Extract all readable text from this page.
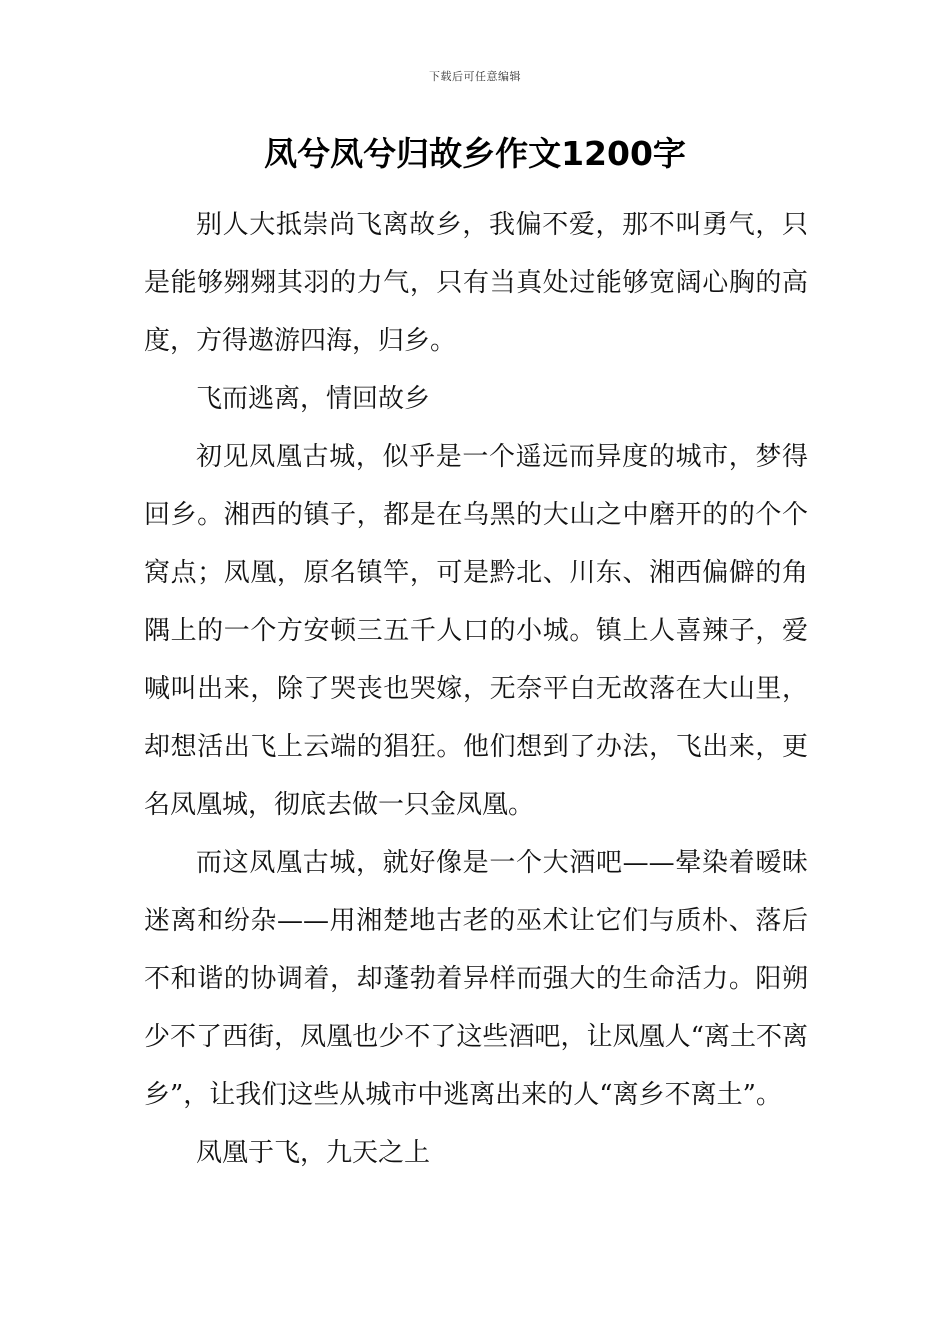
下载后可任意编辑
凤兮凤兮归故乡作文1200字

别人大抵崇尚飞离故乡，我偏不爱，那不叫勇气，只是能够翙翙其羽的力气，只有当真处过能够宽阔心胸的高度，方得遨游四海，归乡。

飞而逃离，情回故乡

初见凤凰古城，似乎是一个遥远而异度的城市，梦得回乡。湘西的镇子，都是在乌黑的大山之中磨开的的个个窝点；凤凰，原名镇竿，可是黔北、川东、湘西偏僻的角隅上的一个方安顿三五千人口的小城。镇上人喜辣子，爱喊叫出来，除了哭丧也哭嫁，无奈平白无故落在大山里，却想活出飞上云端的猖狂。他们想到了办法，飞出来，更名凤凰城，彻底去做一只金凤凰。

而这凤凰古城，就好像是一个大酒吧——晕染着暧昧迷离和纷杂——用湘楚地古老的巫术让它们与质朴、落后不和谐的协调着，却蓬勃着异样而强大的生命活力。阳朔少不了西街，凤凰也少不了这些酒吧，让凤凰人“离土不离乡”，让我们这些从城市中逃离出来的人“离乡不离土”。

凤凰于飞，九天之上
